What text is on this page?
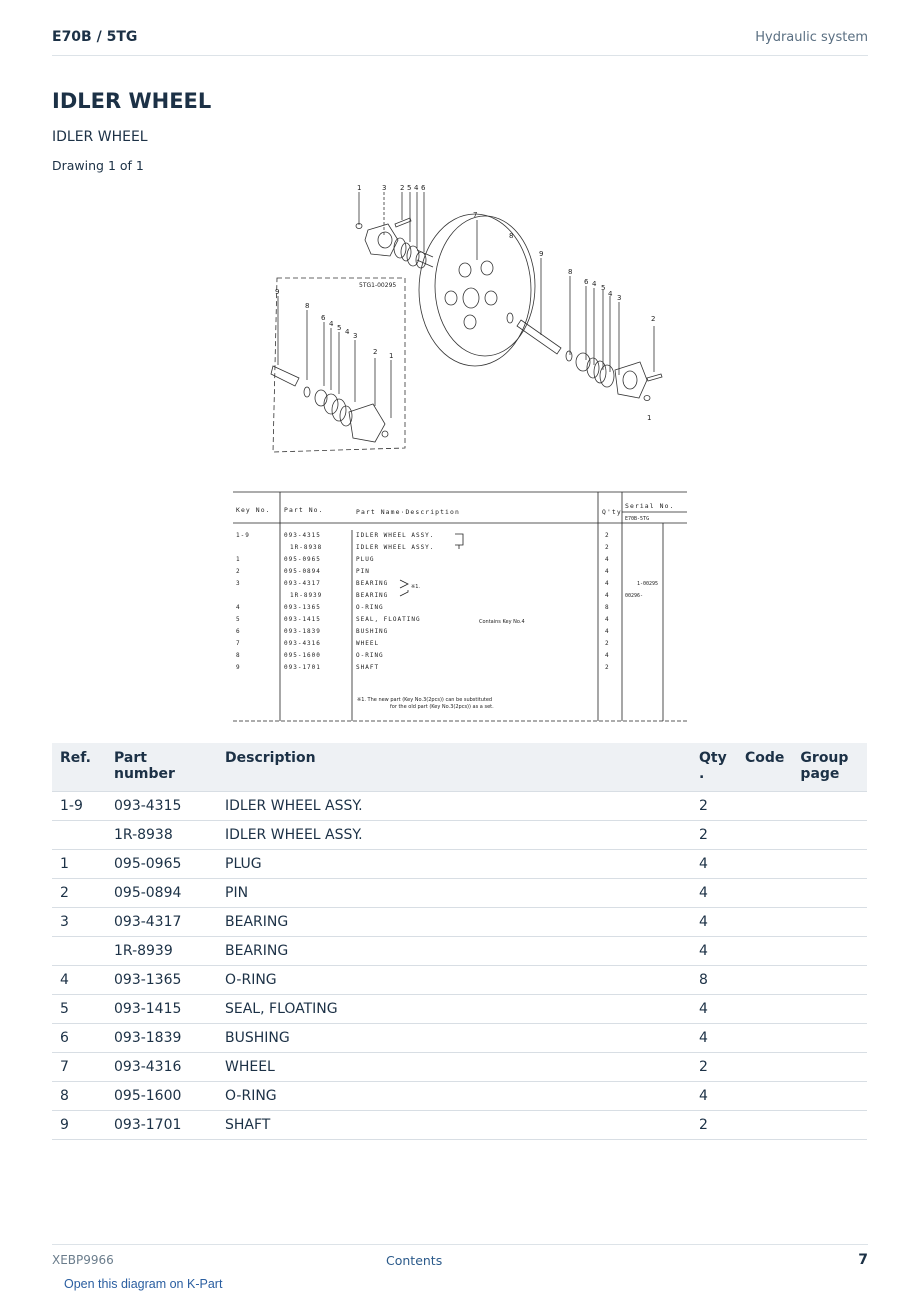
E70B / 5TG	Hydraulic system
IDLER WHEEL
IDLER WHEEL
Drawing 1 of 1
1	3 2 5 4 6
7
8
9
5TG1-00295
9
8
6
4 5 4 3
2 1
8
6 4 5
4 3
2
1
Key No. Part No.	Part Name·Description	Q'ty
Serial No.
E70B-5TG
1-9	093-4315	IDLER WHEEL ASSY.	2
1R-8938	IDLER WHEEL ASSY.	2
1	095-0965	PLUG	4
2	095-0894	PIN	4
3	093-4317	BEARING	4	1-00295
1R-8939	BEARING	4	00296-
4	093-1365	O-RING	8
5	093-1415	SEAL, FLOATING	4
6	093-1839	BUSHING	4
7	093-4316	WHEEL	2
8	095-1600	O-RING	4
9	093-1701	SHAFT	2
※1.
Contains Key No.4
※1. The new part (Key No.3(2pcs)) can be substituted
for the old part (Key No.3(2pcs)) as a set.
Ref.	Part number	Description	Qty
.	Code	Group page
1-9	093-4315	IDLER WHEEL ASSY.	2		
	1R-8938	IDLER WHEEL ASSY.	2		
1	095-0965	PLUG	4		
2	095-0894	PIN	4		
3	093-4317	BEARING	4		
	1R-8939	BEARING	4		
4	093-1365	O-RING	8		
5	093-1415	SEAL, FLOATING	4		
6	093-1839	BUSHING	4		
7	093-4316	WHEEL	2		
8	095-1600	O-RING	4		
9	093-1701	SHAFT	2		
XEBP9966	Contents	7
Open this diagram on K-Part
